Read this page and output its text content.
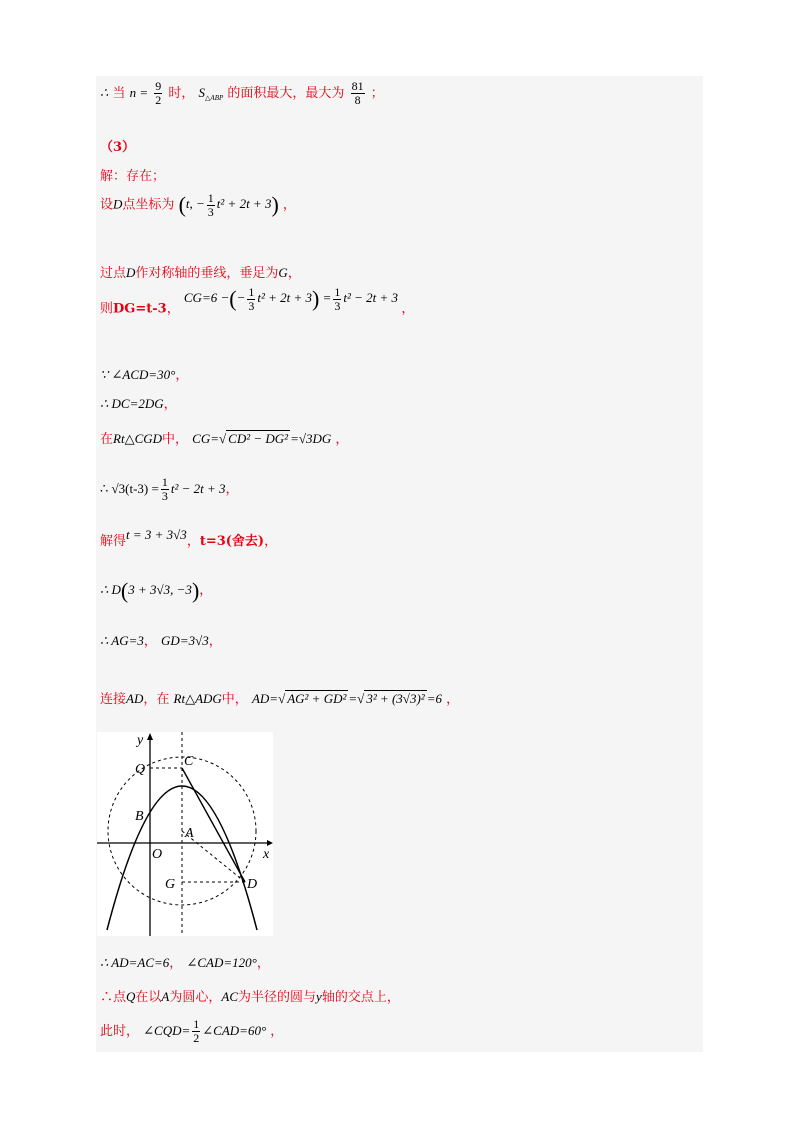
∴ 当 $n = \frac{9}{2}$ 时， $S_{\triangle ABP}$ 的面积最大，最大为 $\frac{81}{8}$ ；
（3）
解：存在；
设D点坐标为 (t, − $\frac{1}{3} t^2 + 2t + 3$) ，
过点D作对称轴的垂线，垂足为G，
则DG=t-3， CG=6 −(− $\frac{1}{3} t^2 + 2t + 3) = \frac{1}{3} t^2 - 2t + 3$ ，
∵ ∠ACD=30°，
∴ DC=2DG，
在Rt△CGD中， CG=√ CD² − DG² =√3DG ，
∴ $√3(t-3) = \frac{1}{3} t^2 - 2t + 3$，
解得t = 3 + 3√3，t=3(舍去)，
∴ D(3 + 3√3, −3)，
∴ AG=3， GD=3√3，
连接AD，在 Rt△ADG中， AD=√ AG² + GD² =√ 3² + (3√3)² =6 ，
y
x
Q
C
B
A
O
G	D
∴ AD=AC=6， ∠CAD=120°，
∴点Q在以A为圆心，AC为半径的圆与y轴的交点上，
此时， ∠CQD= $\frac{1}{2}$ ∠CAD=60° ，
